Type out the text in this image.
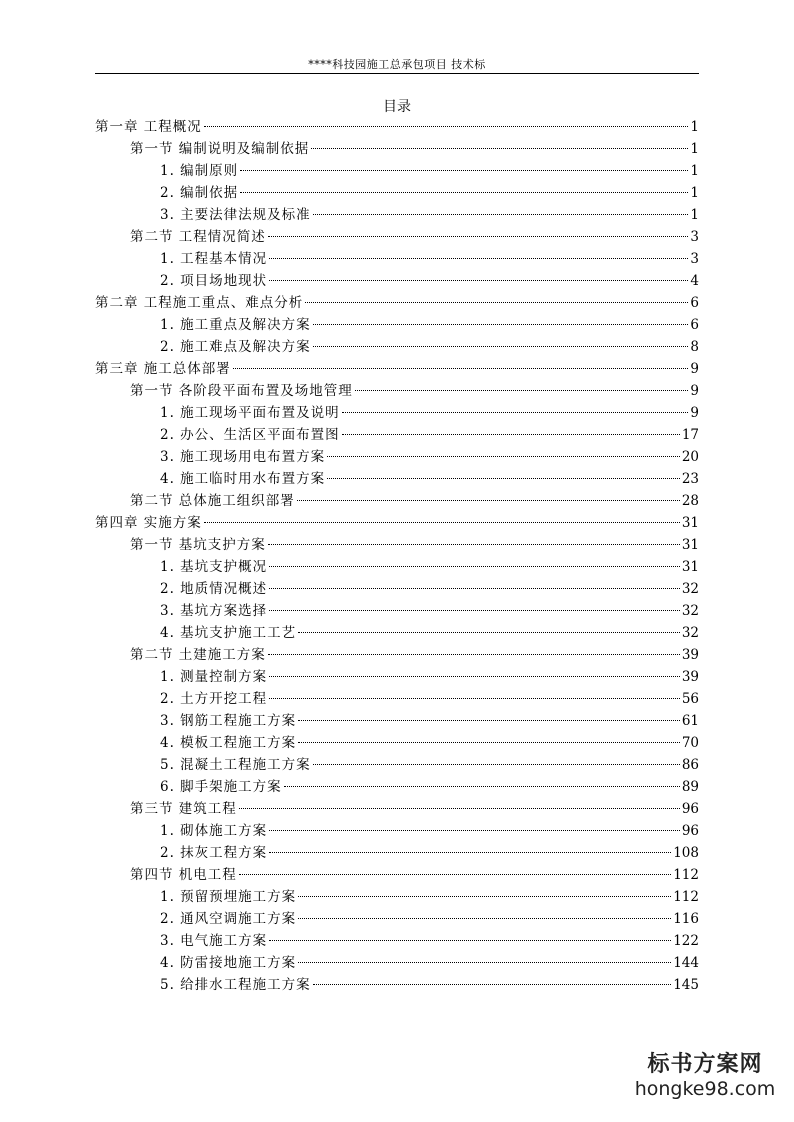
****科技园施工总承包项目 技术标
目录
第一章 工程概况	1
第一节 编制说明及编制依据	1
1. 编制原则	1
2. 编制依据	1
3. 主要法律法规及标准	1
第二节 工程情况简述	3
1. 工程基本情况	3
2. 项目场地现状	4
第二章 工程施工重点、难点分析	6
1. 施工重点及解决方案	6
2. 施工难点及解决方案	8
第三章 施工总体部署	9
第一节 各阶段平面布置及场地管理	9
1. 施工现场平面布置及说明	9
2. 办公、生活区平面布置图	17
3. 施工现场用电布置方案	20
4. 施工临时用水布置方案	23
第二节 总体施工组织部署	28
第四章 实施方案	31
第一节 基坑支护方案	31
1. 基坑支护概况	31
2. 地质情况概述	32
3. 基坑方案选择	32
4. 基坑支护施工工艺	32
第二节 土建施工方案	39
1. 测量控制方案	39
2. 土方开挖工程	56
3. 钢筋工程施工方案	61
4. 模板工程施工方案	70
5. 混凝土工程施工方案	86
6. 脚手架施工方案	89
第三节 建筑工程	96
1. 砌体施工方案	96
2. 抹灰工程方案	108
第四节 机电工程	112
1. 预留预埋施工方案	112
2. 通风空调施工方案	116
3. 电气施工方案	122
4. 防雷接地施工方案	144
5. 给排水工程施工方案	145
标书方案网
hongke98.com
